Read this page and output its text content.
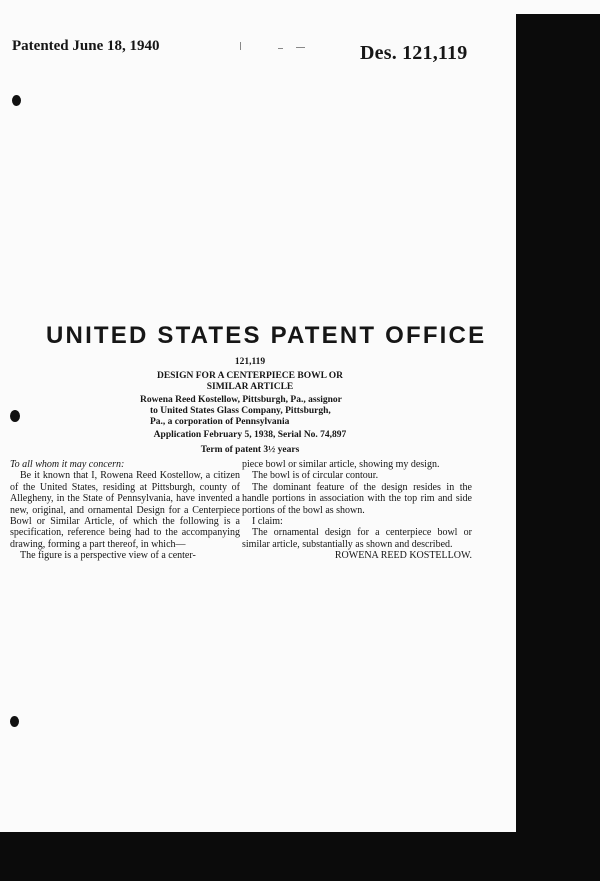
Patented June 18, 1940	Des. 121,119
UNITED STATES PATENT OFFICE
121,119
DESIGN FOR A CENTERPIECE BOWL OR
SIMILAR ARTICLE
Rowena Reed Kostellow, Pittsburgh, Pa., assignor
to United States Glass Company, Pittsburgh,
Pa., a corporation of Pennsylvania
Application February 5, 1938, Serial No. 74,897
Term of patent 3½ years

To all whom it may concern:

Be it known that I, Rowena Reed Kostellow, a citizen of the United States, residing at Pittsburgh, county of Allegheny, in the State of Pennsylvania, have invented a new, original, and ornamental Design for a Centerpiece Bowl or Similar Article, of which the following is a specification, reference being had to the accompanying drawing, forming a part thereof, in which—

The figure is a perspective view of a center-

piece bowl or similar article, showing my design.

The bowl is of circular contour.

The dominant feature of the design resides in the handle portions in association with the top rim and side portions of the bowl as shown.

I claim:

The ornamental design for a centerpiece bowl or similar article, substantially as shown and described.

ROWENA REED KOSTELLOW.
